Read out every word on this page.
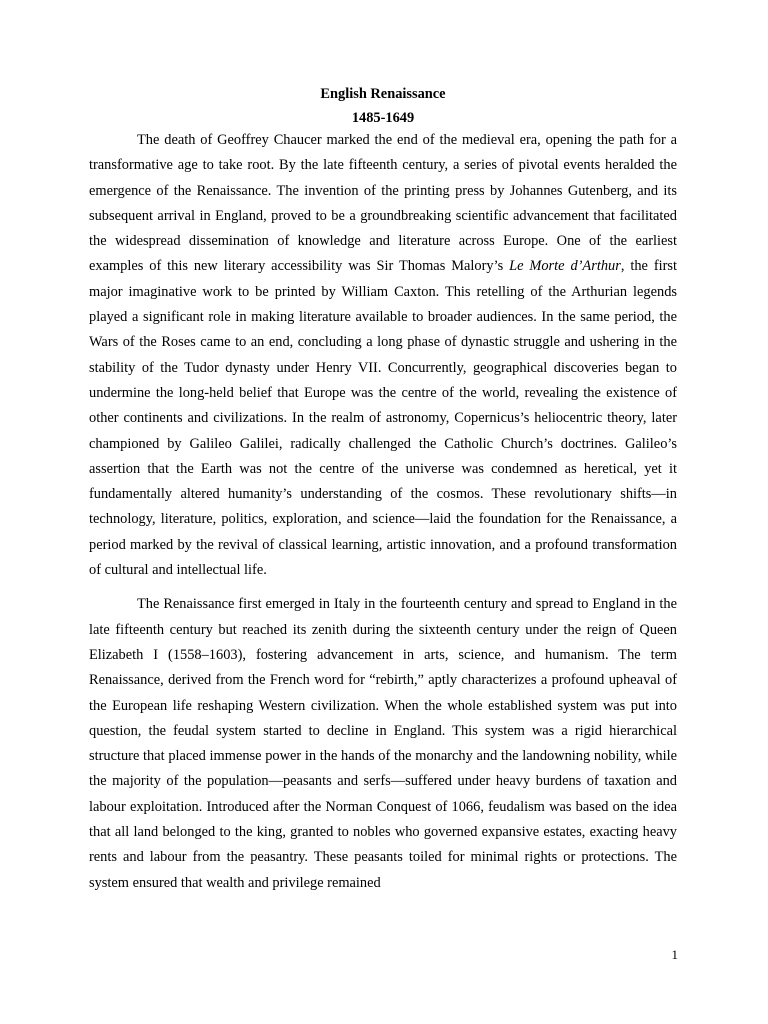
English Renaissance

1485-1649

The death of Geoffrey Chaucer marked the end of the medieval era, opening the path for a transformative age to take root. By the late fifteenth century, a series of pivotal events heralded the emergence of the Renaissance. The invention of the printing press by Johannes Gutenberg, and its subsequent arrival in England, proved to be a groundbreaking scientific advancement that facilitated the widespread dissemination of knowledge and literature across Europe. One of the earliest examples of this new literary accessibility was Sir Thomas Malory’s Le Morte d’Arthur, the first major imaginative work to be printed by William Caxton. This retelling of the Arthurian legends played a significant role in making literature available to broader audiences. In the same period, the Wars of the Roses came to an end, concluding a long phase of dynastic struggle and ushering in the stability of the Tudor dynasty under Henry VII. Concurrently, geographical discoveries began to undermine the long-held belief that Europe was the centre of the world, revealing the existence of other continents and civilizations. In the realm of astronomy, Copernicus’s heliocentric theory, later championed by Galileo Galilei, radically challenged the Catholic Church’s doctrines. Galileo’s assertion that the Earth was not the centre of the universe was condemned as heretical, yet it fundamentally altered humanity’s understanding of the cosmos. These revolutionary shifts—in technology, literature, politics, exploration, and science—laid the foundation for the Renaissance, a period marked by the revival of classical learning, artistic innovation, and a profound transformation of cultural and intellectual life.

The Renaissance first emerged in Italy in the fourteenth century and spread to England in the late fifteenth century but reached its zenith during the sixteenth century under the reign of Queen Elizabeth I (1558–1603), fostering advancement in arts, science, and humanism. The term Renaissance, derived from the French word for “rebirth,” aptly characterizes a profound upheaval of the European life reshaping Western civilization. When the whole established system was put into question, the feudal system started to decline in England. This system was a rigid hierarchical structure that placed immense power in the hands of the monarchy and the landowning nobility, while the majority of the population—peasants and serfs—suffered under heavy burdens of taxation and labour exploitation. Introduced after the Norman Conquest of 1066, feudalism was based on the idea that all land belonged to the king, granted to nobles who governed expansive estates, exacting heavy rents and labour from the peasantry. These peasants toiled for minimal rights or protections. The system ensured that wealth and privilege remained

1
